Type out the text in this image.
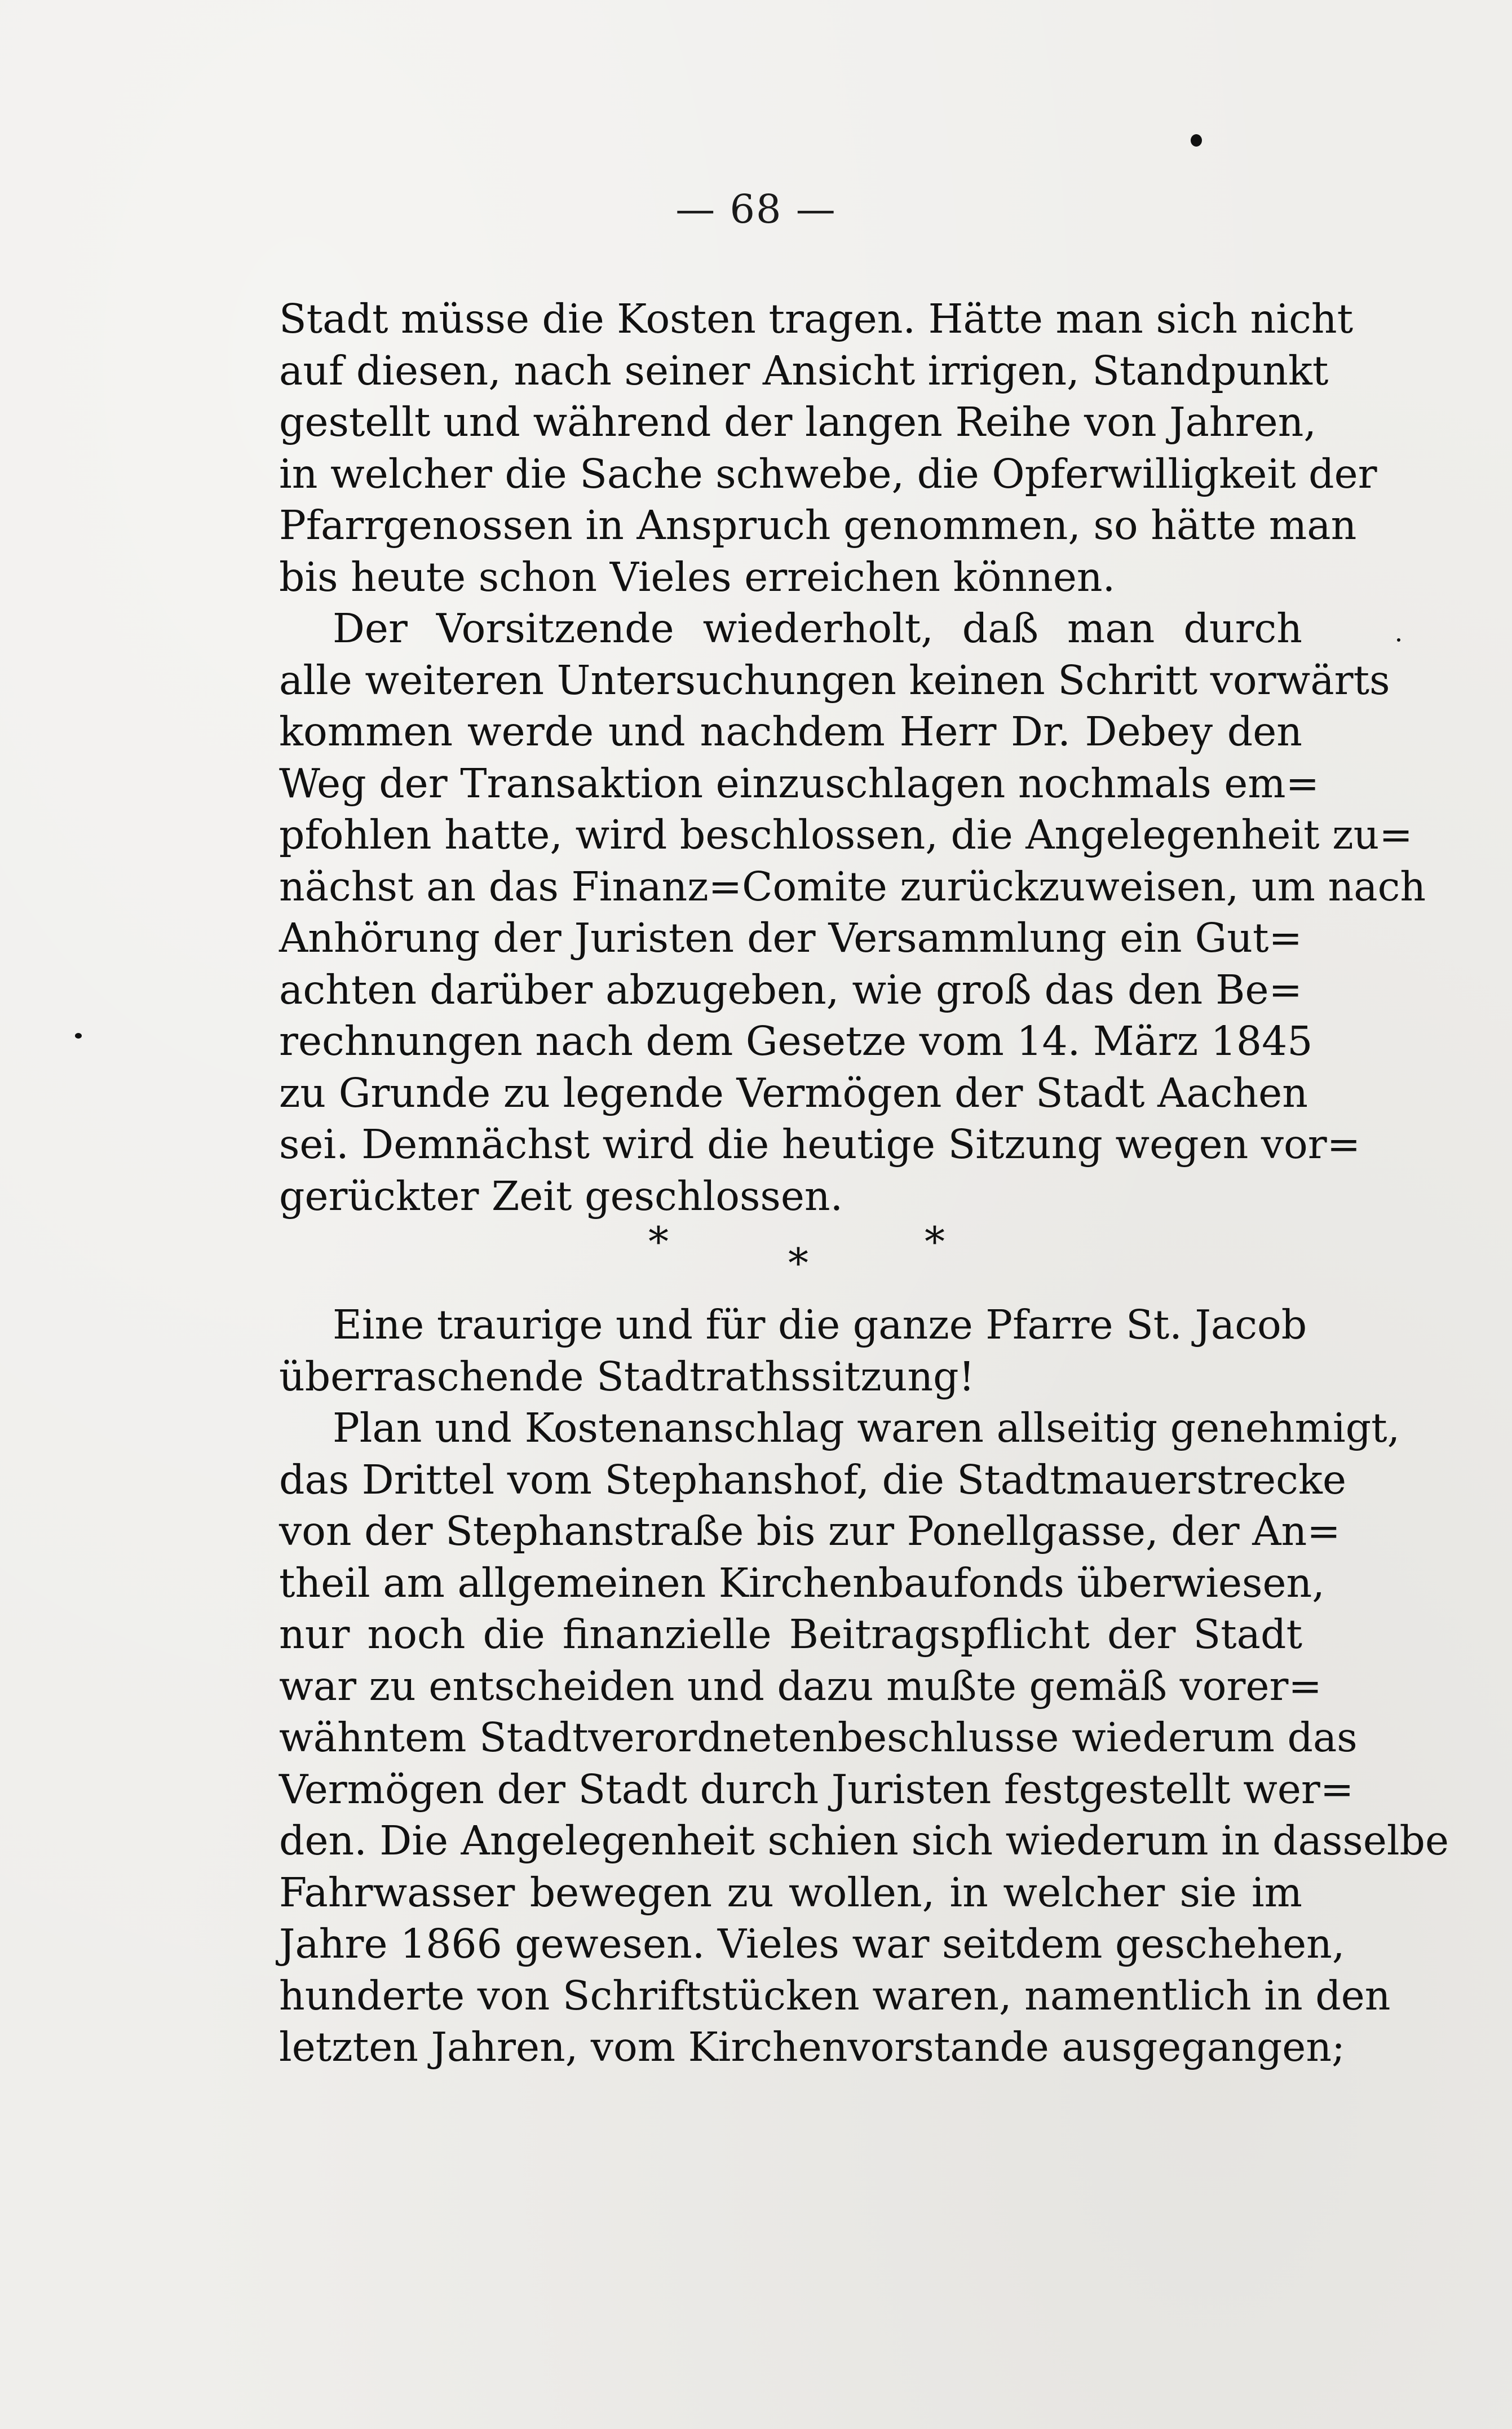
— 68 —
Stadt müsse die Kosten tragen. Hätte man sich nicht
auf diesen, nach seiner Ansicht irrigen, Standpunkt
gestellt und während der langen Reihe von Jahren,
in welcher die Sache schwebe, die Opferwilligkeit der
Pfarrgenossen in Anspruch genommen, so hätte man
bis heute schon Vieles erreichen können.
Der Vorsitzende wiederholt, daß man durch
alle weiteren Untersuchungen keinen Schritt vorwärts
kommen werde und nachdem Herr Dr. Debey den
Weg der Transaktion einzuschlagen nochmals em=
pfohlen hatte, wird beschlossen, die Angelegenheit zu=
nächst an das Finanz=Comite zurückzuweisen, um nach
Anhörung der Juristen der Versammlung ein Gut=
achten darüber abzugeben, wie groß das den Be=
rechnungen nach dem Gesetze vom 14. März 1845
zu Grunde zu legende Vermögen der Stadt Aachen
sei. Demnächst wird die heutige Sitzung wegen vor=
gerückter Zeit geschlossen.
*	*	*
Eine traurige und für die ganze Pfarre St. Jacob
überraschende Stadtrathssitzung!
Plan und Kostenanschlag waren allseitig genehmigt,
das Drittel vom Stephanshof, die Stadtmauerstrecke
von der Stephanstraße bis zur Ponellgasse, der An=
theil am allgemeinen Kirchenbaufonds überwiesen,
nur noch die finanzielle Beitragspflicht der Stadt
war zu entscheiden und dazu mußte gemäß vorer=
wähntem Stadtverordnetenbeschlusse wiederum das
Vermögen der Stadt durch Juristen festgestellt wer=
den. Die Angelegenheit schien sich wiederum in dasselbe
Fahrwasser bewegen zu wollen, in welcher sie im
Jahre 1866 gewesen. Vieles war seitdem geschehen,
hunderte von Schriftstücken waren, namentlich in den
letzten Jahren, vom Kirchenvorstande ausgegangen;
